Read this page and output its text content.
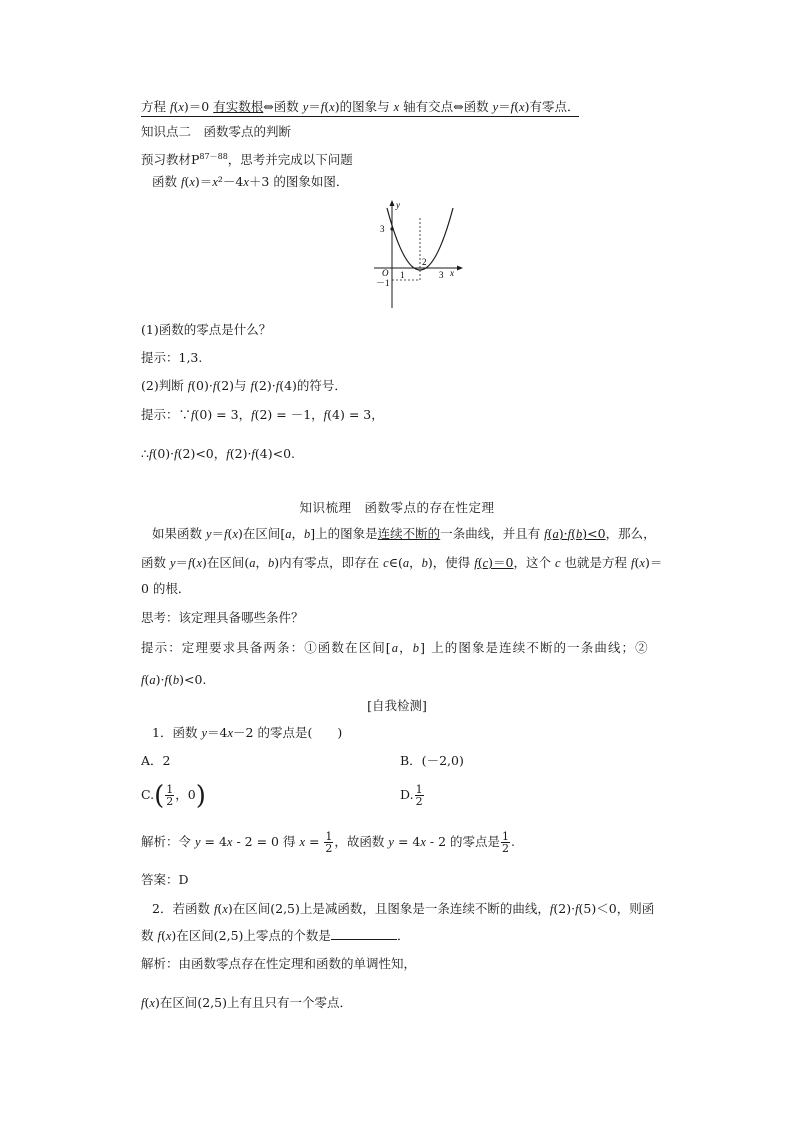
方程 f(x)＝0 有实数根⇔函数 y＝f(x)的图象与 x 轴有交点⇔函数 y＝f(x)有零点．
知识点二　函数零点的判断
预习教材$P^{87-88}$，思考并完成以下问题
函数 f(x)＝x²－4x＋3 的图象如图．
y
x
O 1
2
3
3
－1
(1)函数的零点是什么？
提示：1,3.
(2)判断 f(0)·f(2)与 f(2)·f(4)的符号．
提示：∵f(0) = 3，f(2) = －1，f(4) = 3，
∴f(0)·f(2)<0，f(2)·f(4)<0.
知识梳理　函数零点的存在性定理
如果函数 y＝f(x)在区间[a，b]上的图象是连续不断的一条曲线，并且有 f(a)·f(b)<0，那么，
函数 y＝f(x)在区间(a，b)内有零点，即存在 c∈(a，b)，使得 f(c)＝0，这个 c 也就是方程 f(x)＝
0 的根．
思考：该定理具备哪些条件？
提示：定理要求具备两条：①函数在区间[a，b] 上的图象是连续不断的一条曲线；②
f(a)·f(b)<0.
[自我检测]
1．函数 y＝4x－2 的零点是(　　)
A．2	B．(－2,0)
$C.( \frac{1}{2}$ ，0)	D. $\frac{1}{2}$
解析：令 y = 4x - 2 = 0 得 $x = \frac{1}{2}$ ，故函数 y = 4x - 2 的零点是 $\frac{1}{2}$ .
答案：D
2．若函数 f(x)在区间(2,5)上是减函数，且图象是一条连续不断的曲线，f(2)·f(5)＜0，则函
数 f(x)在区间(2,5)上零点的个数是	．
解析：由函数零点存在性定理和函数的单调性知，
f(x)在区间(2,5)上有且只有一个零点．
